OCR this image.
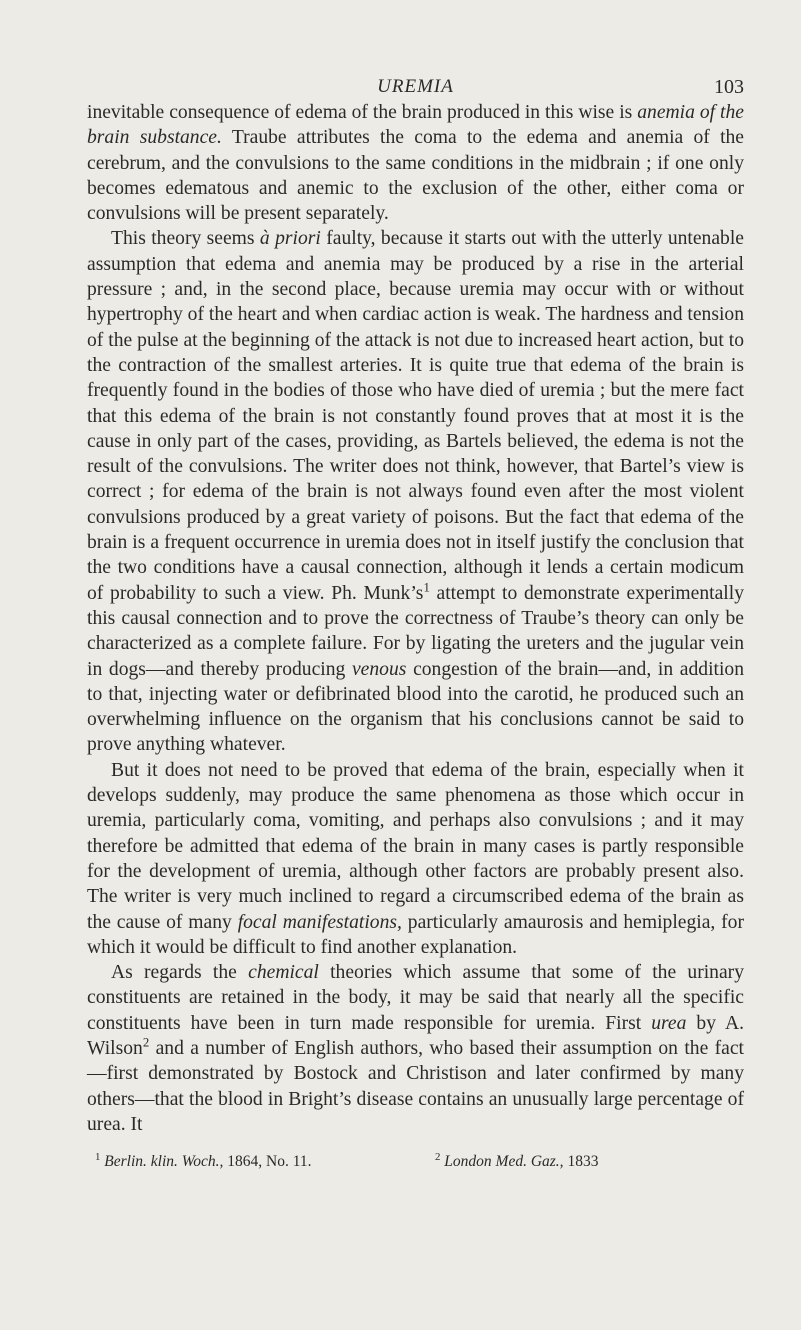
UREMIA	103

inevitable consequence of edema of the brain produced in this wise is anemia of the brain substance. Traube attributes the coma to the edema and anemia of the cerebrum, and the convulsions to the same conditions in the midbrain ; if one only becomes edematous and anemic to the exclusion of the other, either coma or convulsions will be present separately.

This theory seems à priori faulty, because it starts out with the utterly untenable assumption that edema and anemia may be produced by a rise in the arterial pressure ; and, in the second place, because uremia may occur with or without hypertrophy of the heart and when cardiac action is weak. The hardness and tension of the pulse at the beginning of the attack is not due to increased heart action, but to the contraction of the smallest arteries. It is quite true that edema of the brain is frequently found in the bodies of those who have died of uremia ; but the mere fact that this edema of the brain is not constantly found proves that at most it is the cause in only part of the cases, providing, as Bartels believed, the edema is not the result of the convulsions. The writer does not think, however, that Bartel’s view is correct ; for edema of the brain is not always found even after the most violent convulsions produced by a great variety of poisons. But the fact that edema of the brain is a frequent occurrence in uremia does not in itself justify the conclusion that the two conditions have a causal connection, although it lends a certain modicum of probability to such a view. Ph. $Munk’s^1$ attempt to demonstrate experimentally this causal connection and to prove the correctness of Traube’s theory can only be characterized as a complete failure. For by ligating the ureters and the jugular vein in dogs—and thereby producing venous congestion of the brain—and, in addition to that, injecting water or defibrinated blood into the carotid, he produced such an overwhelming influence on the organism that his conclusions cannot be said to prove anything whatever.

But it does not need to be proved that edema of the brain, especially when it develops suddenly, may produce the same phenomena as those which occur in uremia, particularly coma, vomiting, and perhaps also convulsions ; and it may therefore be admitted that edema of the brain in many cases is partly responsible for the development of uremia, although other factors are probably present also. The writer is very much inclined to regard a circumscribed edema of the brain as the cause of many focal manifestations, particularly amaurosis and hemiplegia, for which it would be difficult to find another explanation.

As regards the chemical theories which assume that some of the urinary constituents are retained in the body, it may be said that nearly all the specific constituents have been in turn made responsible for uremia. First urea by A. Wilson$^2$ and a number of English authors, who based their assumption on the fact—first demonstrated by Bostock and Christison and later confirmed by many others—that the blood in Bright’s disease contains an unusually large percentage of urea. It

$^1$ Berlin. klin. Woch., 1864, No. 11.	$^2$ London Med. Gaz., 1833
